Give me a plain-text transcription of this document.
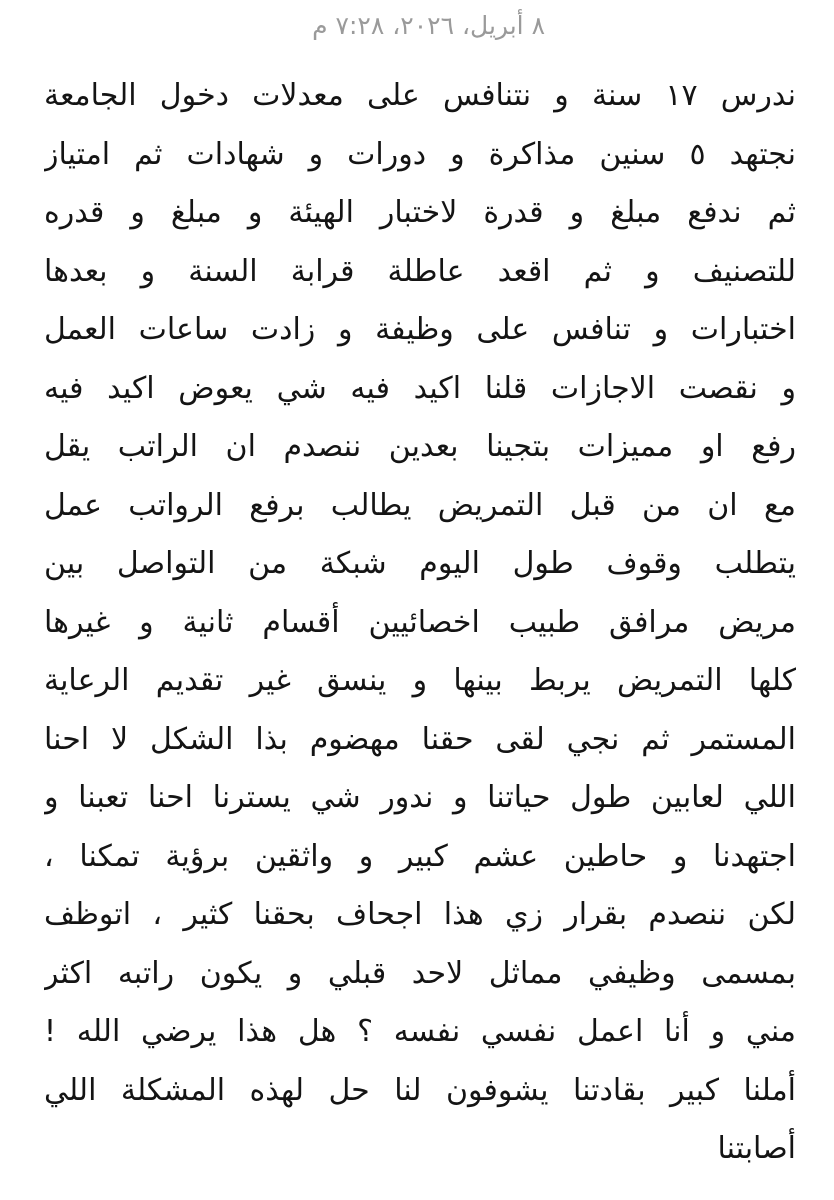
٨ أبريل، ٢٠٢٦، ٧:٢٨ م
ندرس ١٧ سنة و نتنافس على معدلات دخول الجامعة
نجتهد ٥ سنين مذاكرة و دورات و شهادات ثم امتياز
ثم ندفع مبلغ و قدرة لاختبار الهيئة و مبلغ و قدره
للتصنيف و ثم اقعد عاطلة قرابة السنة و بعدها
اختبارات و تنافس على وظيفة و زادت ساعات العمل
و نقصت الاجازات قلنا اكيد فيه شي يعوض اكيد فيه
رفع او مميزات بتجينا بعدين ننصدم ان الراتب يقل
مع ان من قبل التمريض يطالب برفع الرواتب عمل
يتطلب وقوف طول اليوم شبكة من التواصل بين
مريض مرافق طبيب اخصائيين أقسام ثانية و غيرها
كلها التمريض يربط بينها و ينسق غير تقديم الرعاية
المستمر ثم نجي لقى حقنا مهضوم بذا الشكل لا احنا
اللي لعابين طول حياتنا و ندور شي يسترنا احنا تعبنا و
اجتهدنا و حاطين عشم كبير و واثقين برؤية تمكنا ،
لكن ننصدم بقرار زي هذا اجحاف بحقنا كثير ، اتوظف
بمسمى وظيفي مماثل لاحد قبلي و يكون راتبه اكثر
مني و أنا اعمل نفسي نفسه ؟ هل هذا يرضي الله !
أملنا كبير بقادتنا يشوفون لنا حل لهذه المشكلة اللي
أصابتنا
